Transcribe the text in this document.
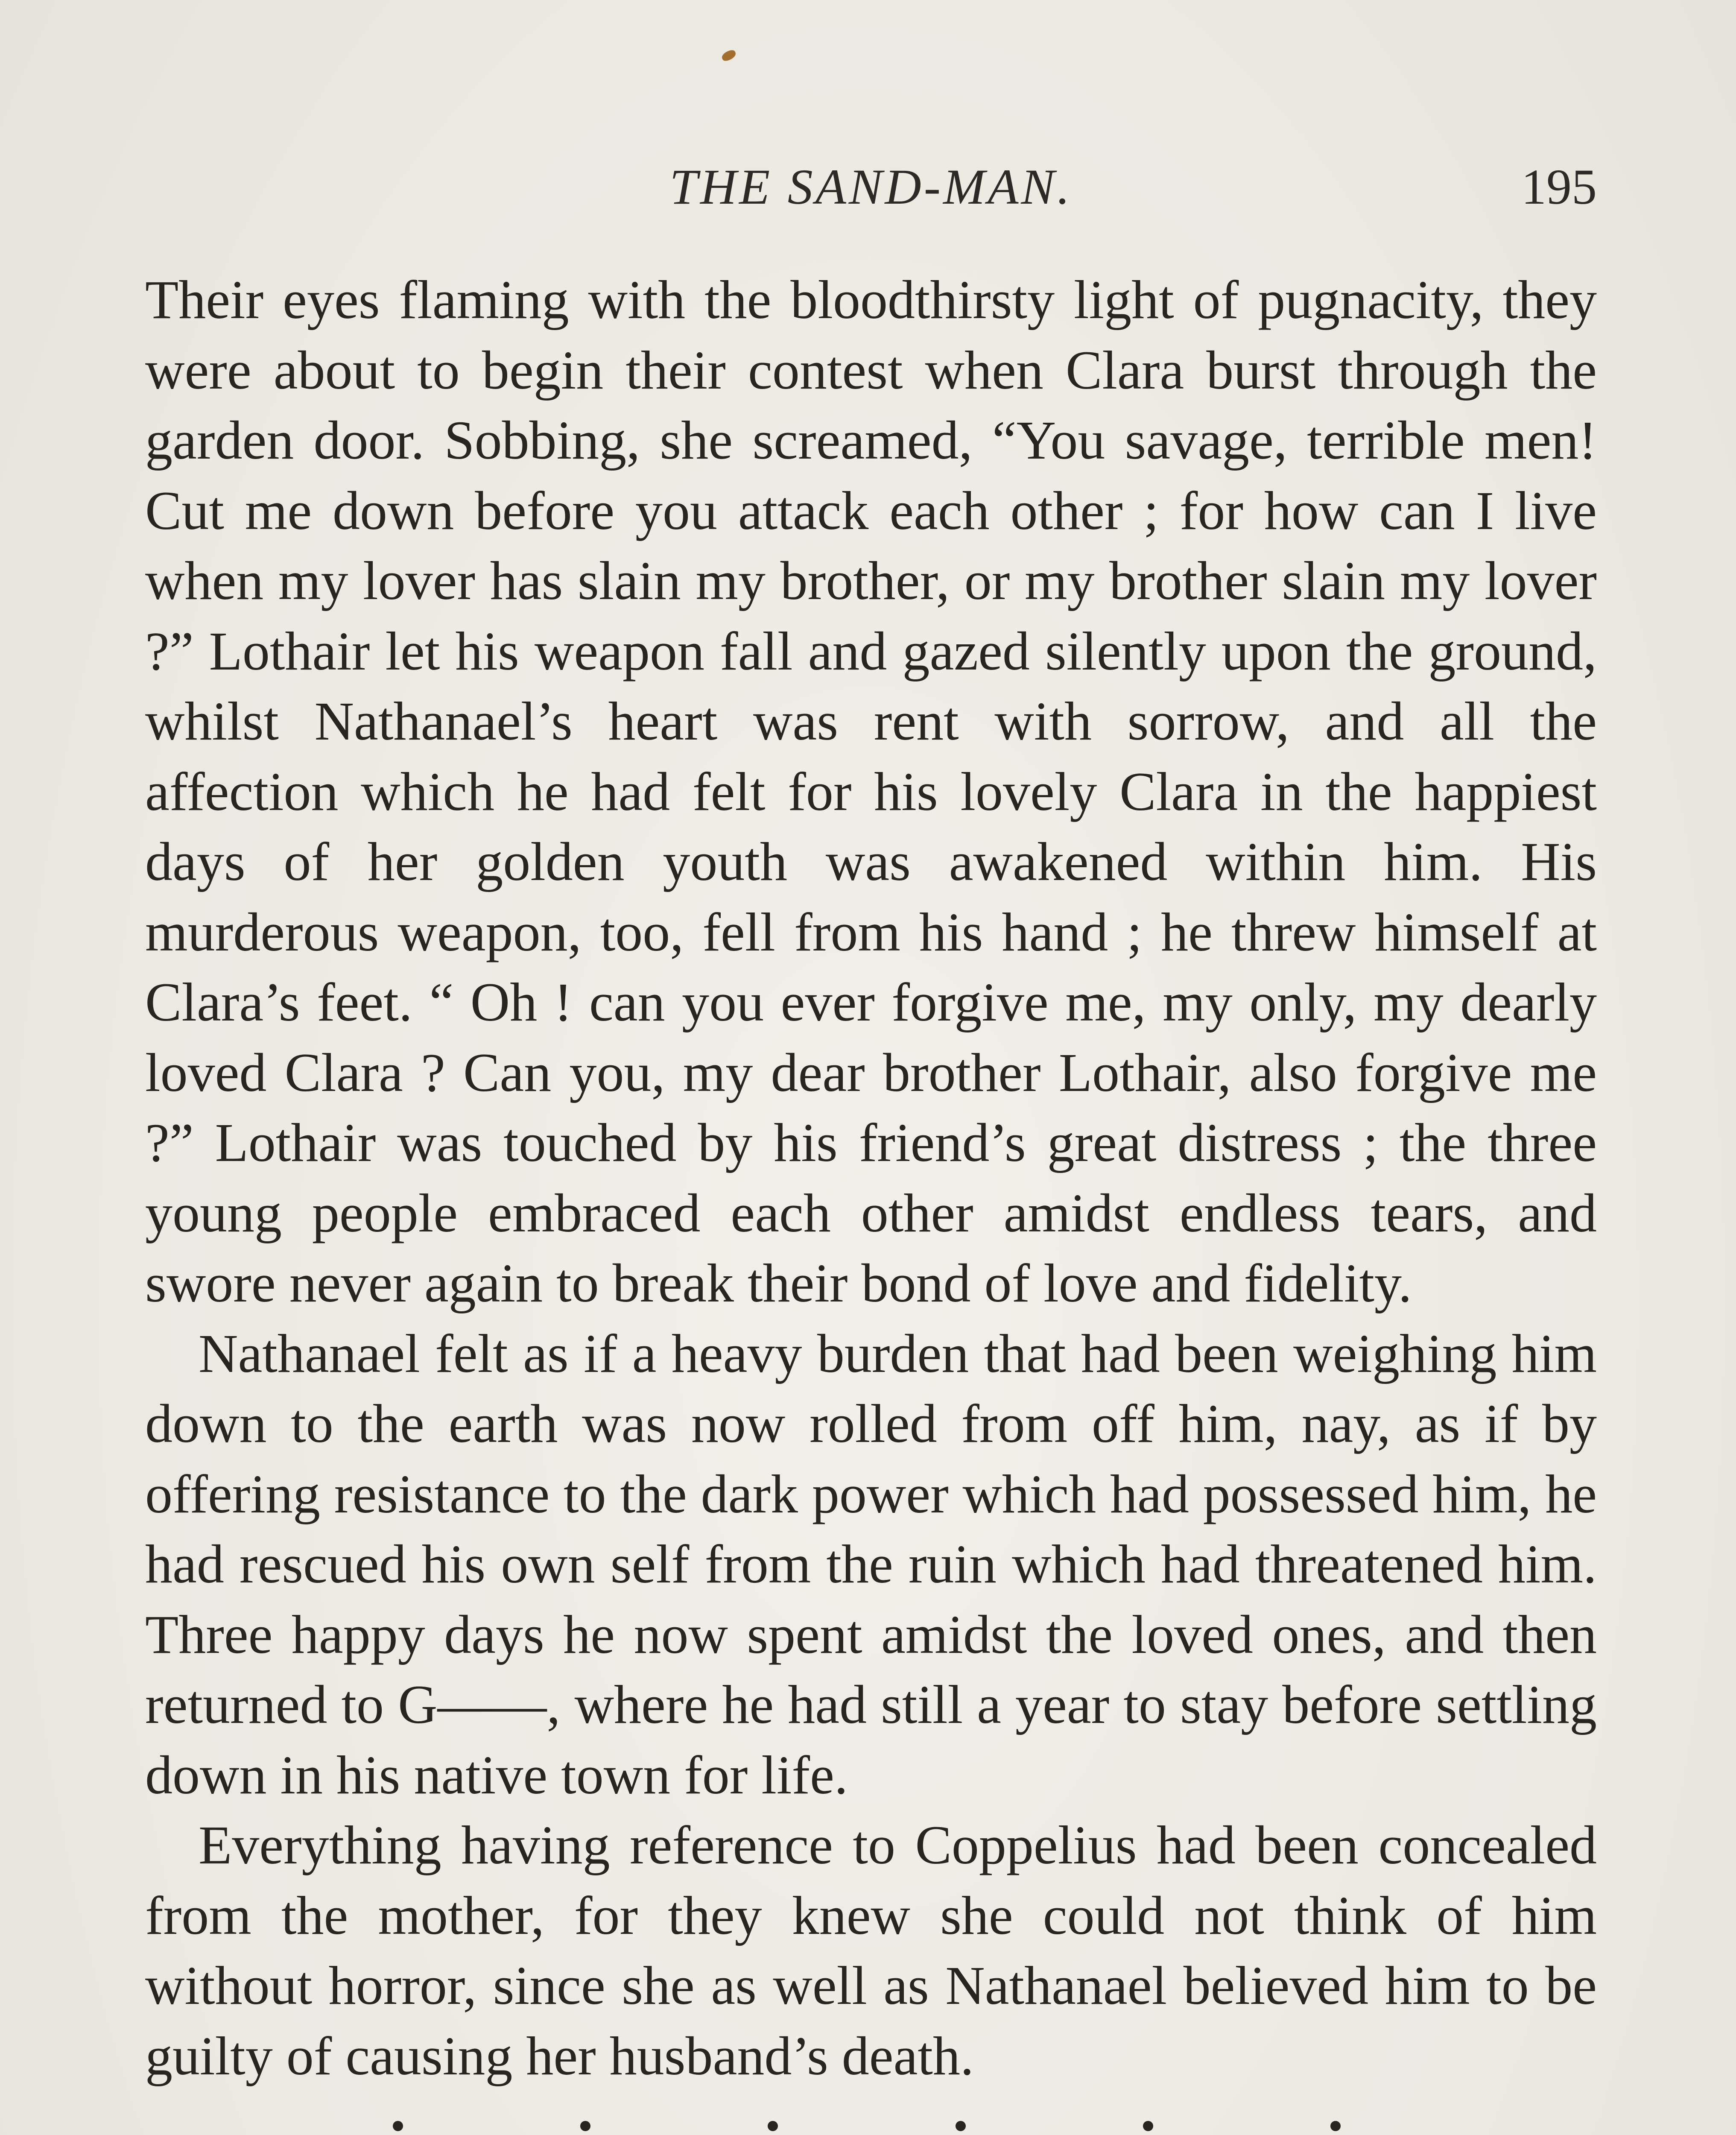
THE SAND-MAN.	195

Their eyes flaming with the bloodthirsty light of pugnacity, they were about to begin their contest when Clara burst through the garden door. Sobbing, she screamed, “You savage, terrible men! Cut me down before you attack each other ; for how can I live when my lover has slain my brother, or my brother slain my lover ?” Lothair let his weapon fall and gazed silently upon the ground, whilst Nathanael’s heart was rent with sorrow, and all the affection which he had felt for his lovely Clara in the happiest days of her golden youth was awakened within him. His murderous weapon, too, fell from his hand ; he threw himself at Clara’s feet. “ Oh ! can you ever forgive me, my only, my dearly loved Clara ? Can you, my dear brother Lothair, also forgive me ?” Lothair was touched by his friend’s great distress ; the three young people embraced each other amidst endless tears, and swore never again to break their bond of love and fidelity.

Nathanael felt as if a heavy burden that had been weighing him down to the earth was now rolled from off him, nay, as if by offering resistance to the dark power which had possessed him, he had rescued his own self from the ruin which had threatened him. Three happy days he now spent amidst the loved ones, and then returned to G——, where he had still a year to stay before settling down in his native town for life.

Everything having reference to Coppelius had been concealed from the mother, for they knew she could not think of him without horror, since she as well as Nathanael believed him to be guilty of causing her husband’s death.
